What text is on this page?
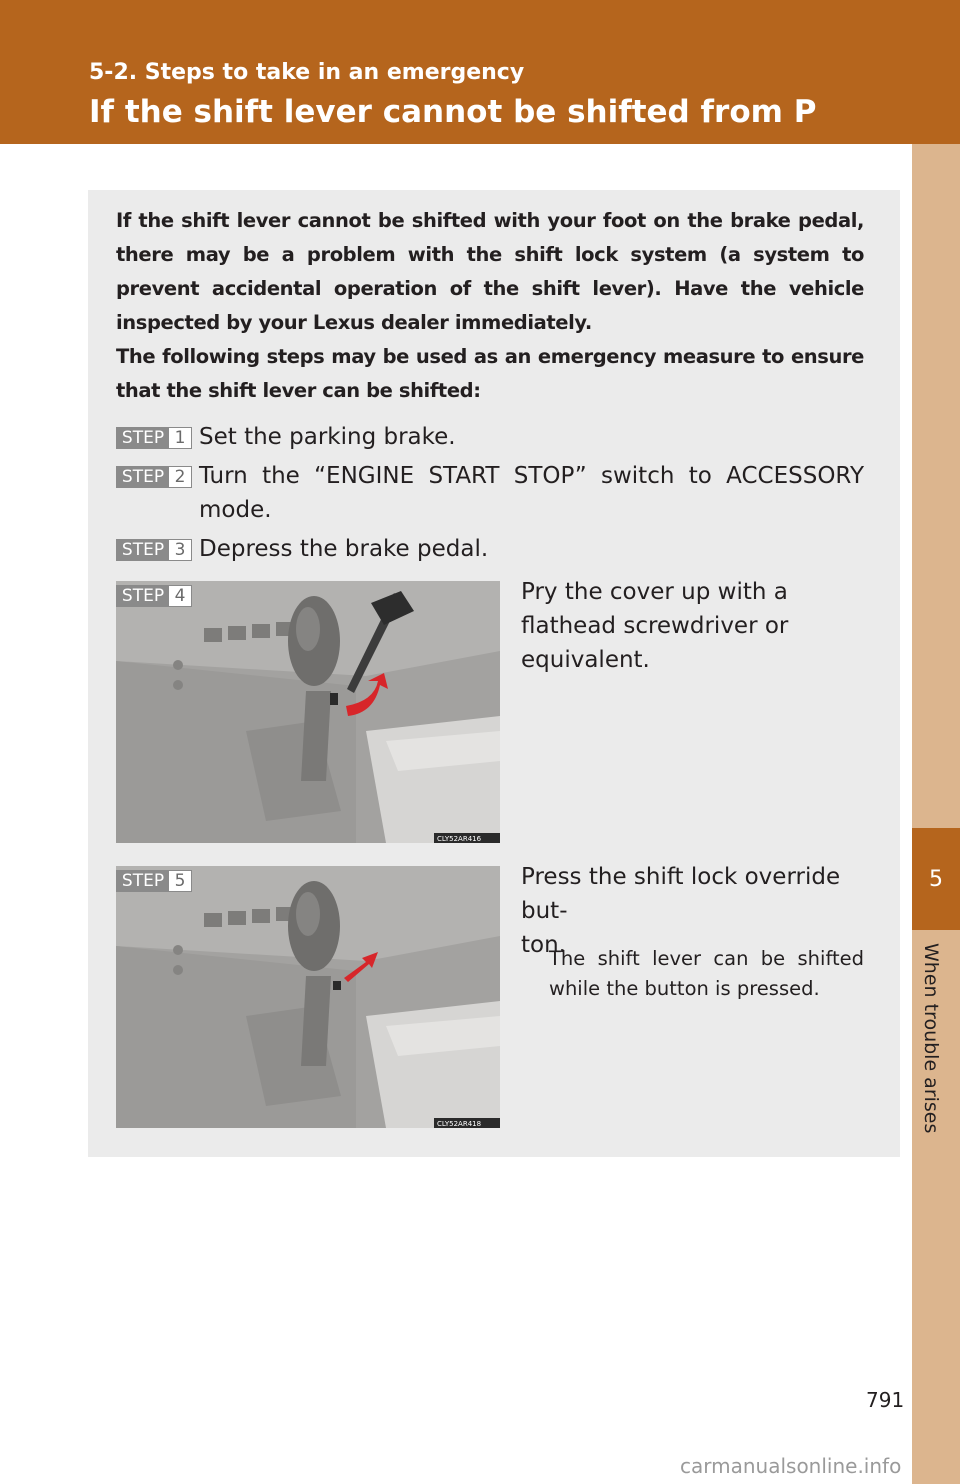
5-2. Steps to take in an emergency
If the shift lever cannot be shifted from P
5
When trouble arises

If the shift lever cannot be shifted with your foot on the brake pedal, there may be a problem with the shift lock system (a system to prevent accidental operation of the shift lever). Have the vehicle inspected by your Lexus dealer immediately.

The following steps may be used as an emergency measure to ensure that the shift lever can be shifted:

STEP 1 Set the parking brake.
STEP 2 Turn the “ENGINE START STOP” switch to ACCESSORY mode.
STEP 3 Depress the brake pedal.
CLY52AR416
STEP 4	Pry the cover up with a flathead screwdriver or equivalent.
CLY52AR418
STEP 5	Press the shift lock override but-
ton.
The shift lever can be shifted while the button is pressed.
791
carmanualsonline.info
